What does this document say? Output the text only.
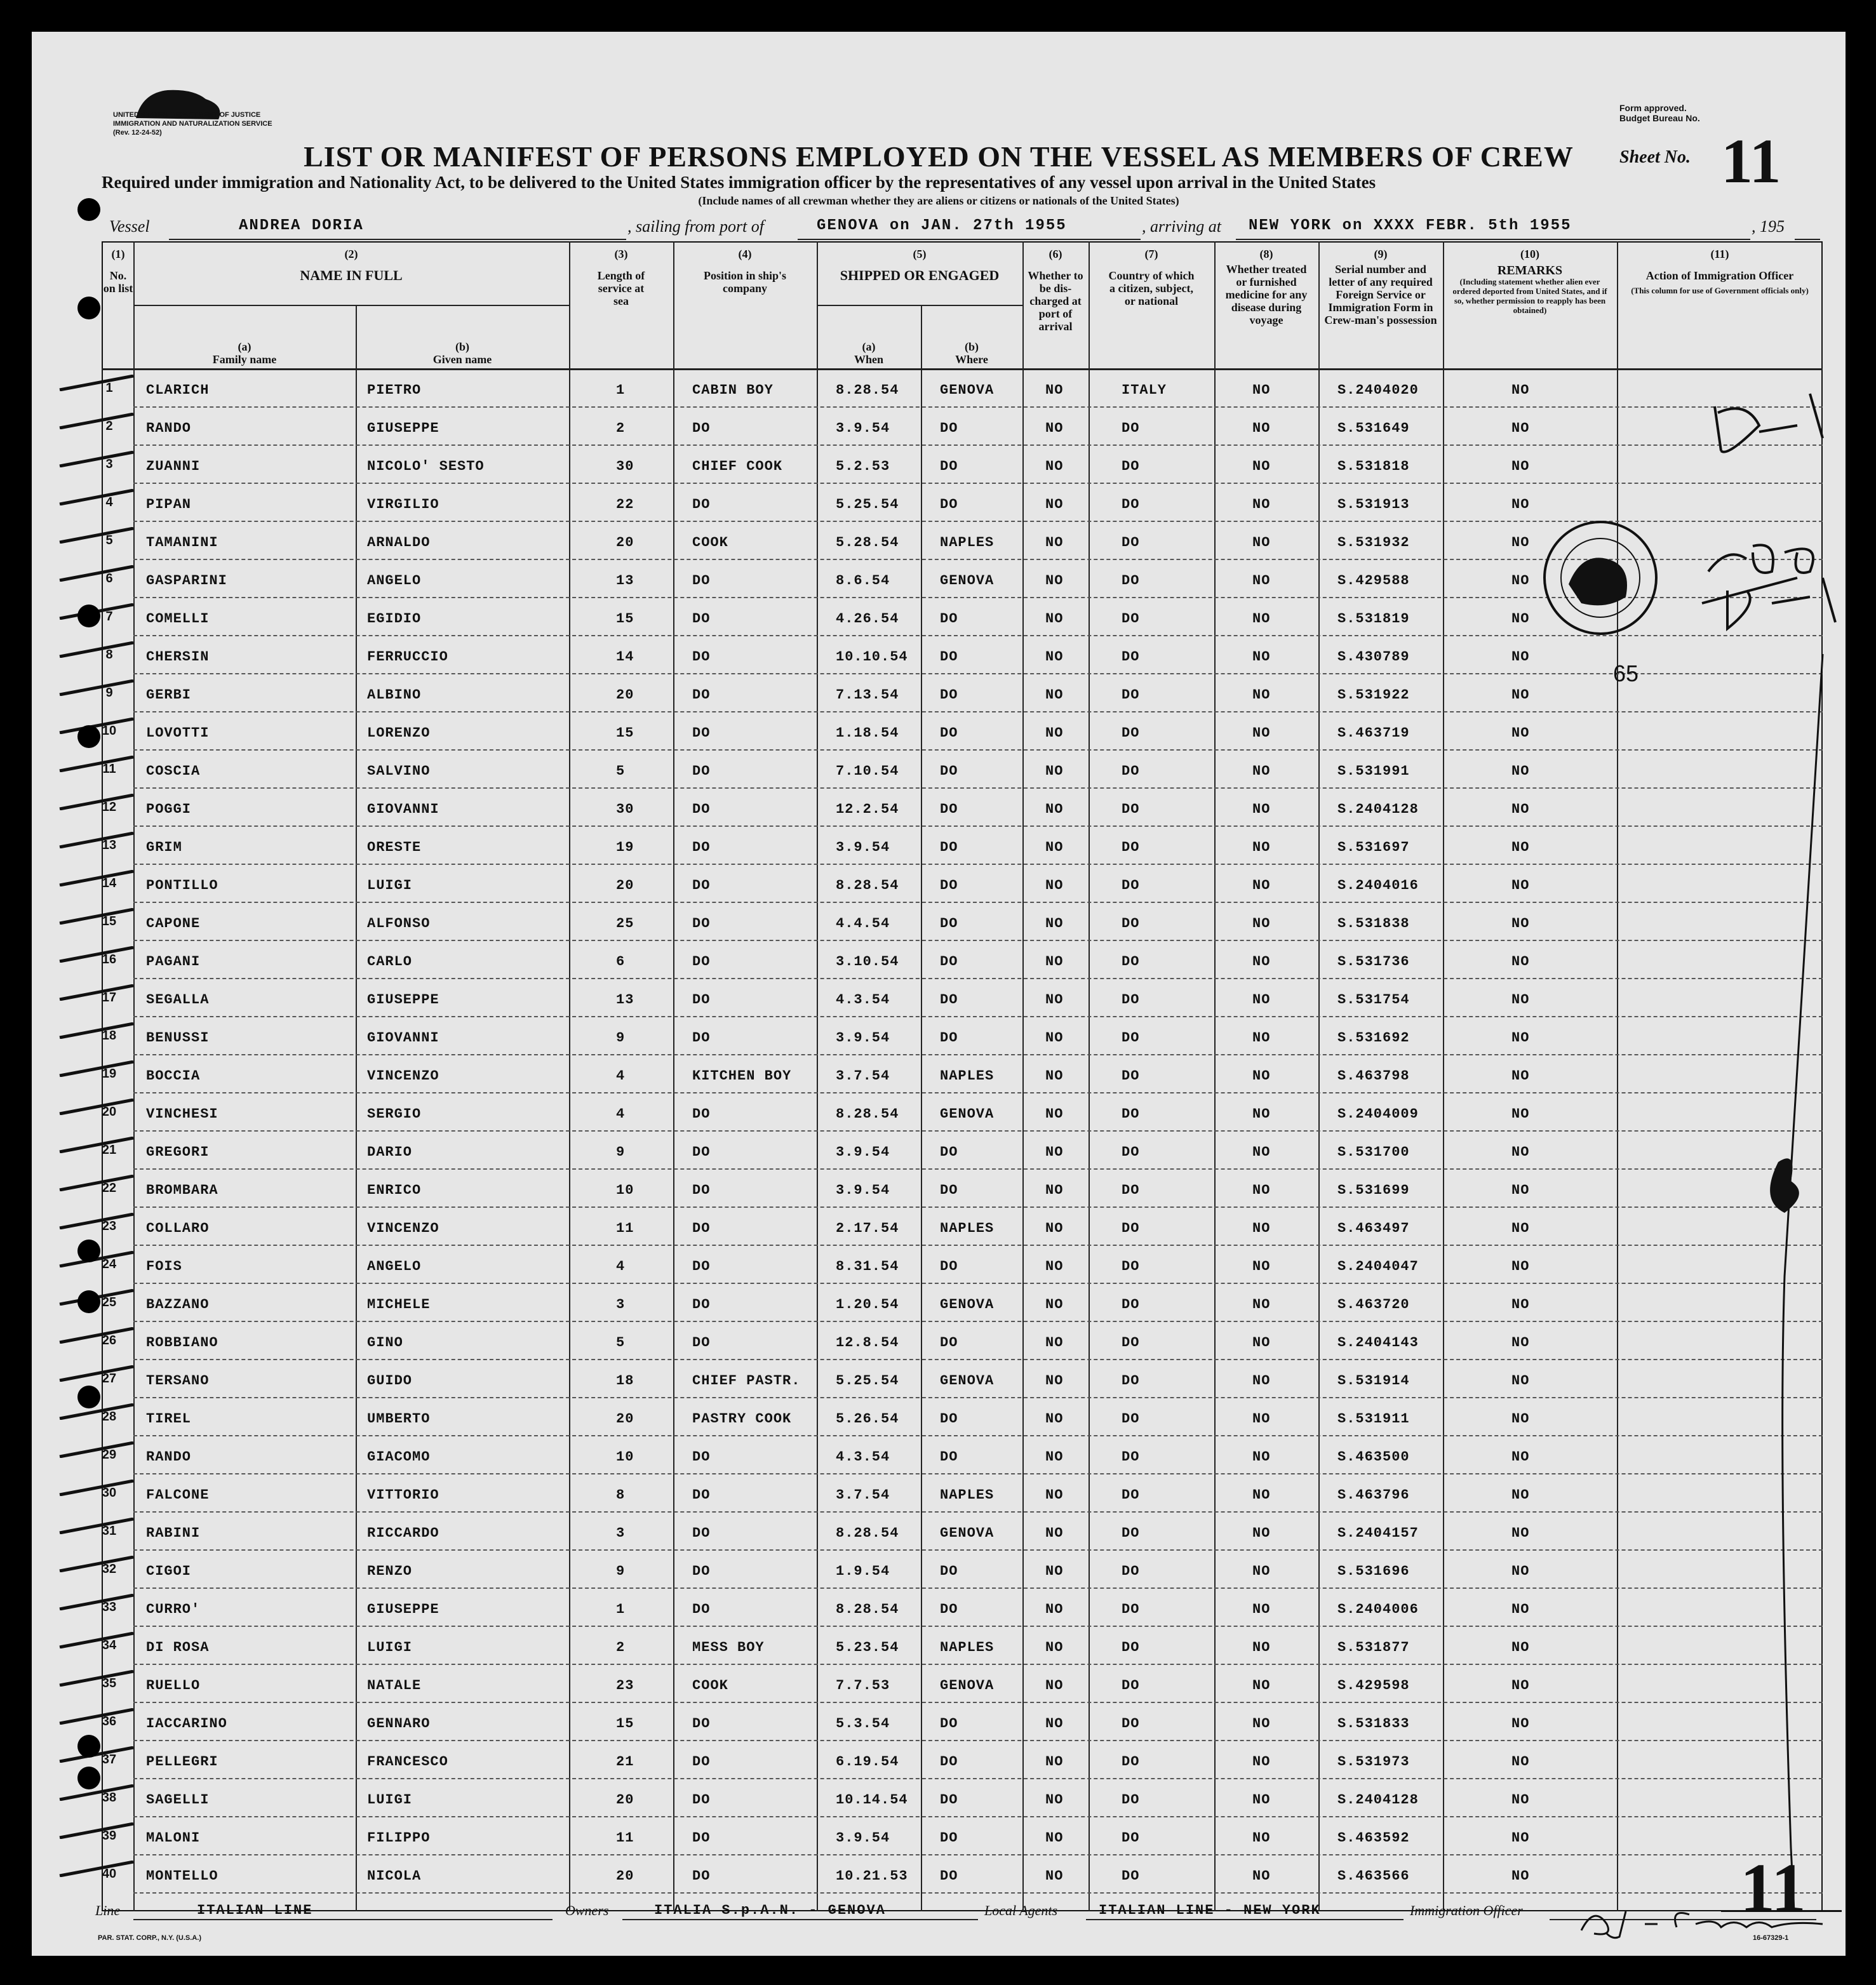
UNITED STATES DEPARTMENT OF JUSTICE
IMMIGRATION AND NATURALIZATION SERVICE
(Rev. 12-24-52)
Form approved.
Budget Bureau No.
Sheet No. 11
LIST OR MANIFEST OF PERSONS EMPLOYED ON THE VESSEL AS MEMBERS OF CREW
Required under immigration and Nationality Act, to be delivered to the United States immigration officer by the representatives of any vessel upon arrival in the United States
(Include names of all crewman whether they are aliens or citizens or nationals of the United States)
Vessel	ANDREA DORIA	, sailing from port of	GENOVA on JAN. 27th 1955	, arriving at NEW YORK on XXXX FEBR. 5th 1955	, 195
(1)
No. on list
(2)
NAME IN FULL
(a)
Family name
(b)
Given name
(3)
Length of service at sea
(4)
Position in ship's company
(5)
SHIPPED OR ENGAGED
(a)
When
(b)
Where
(6)
Whether to be dis-charged at port of arrival
(7)
Country of which a citizen, subject, or national
(8)
Whether treated or furnished medicine for any disease during voyage
(9)
Serial number and letter of any required Foreign Service or Immigration Form in Crew-man's possession
(10)
REMARKS
(Including statement whether alien ever ordered deported from United States, and if so, whether permission to reapply has been obtained)
(11)
Action of Immigration Officer
(This column for use of Government officials only)
1	CLARICH	PIETRO	1	CABIN BOY	8.28.54	GENOVA	NO	ITALY	NO	S.2404020	NO
2	RANDO	GIUSEPPE	2	DO	3.9.54	DO	NO	DO	NO	S.531649	NO
3	ZUANNI	NICOLO' SESTO	30	CHIEF COOK	5.2.53	DO	NO	DO	NO	S.531818	NO
4	PIPAN	VIRGILIO	22	DO	5.25.54	DO	NO	DO	NO	S.531913	NO
5	TAMANINI	ARNALDO	20	COOK	5.28.54	NAPLES	NO	DO	NO	S.531932	NO
6	GASPARINI	ANGELO	13	DO	8.6.54	GENOVA	NO	DO	NO	S.429588	NO
7	COMELLI	EGIDIO	15	DO	4.26.54	DO	NO	DO	NO	S.531819	NO
8	CHERSIN	FERRUCCIO	14	DO	10.10.54 DO	NO	DO	NO	S.430789	NO
9	GERBI	ALBINO	20	DO	7.13.54	DO	NO	DO	NO	S.531922	NO
10	LOVOTTI	LORENZO	15	DO	1.18.54	DO	NO	DO	NO	S.463719	NO
11	COSCIA	SALVINO	5	DO	7.10.54	DO	NO	DO	NO	S.531991	NO
12	POGGI	GIOVANNI	30	DO	12.2.54	DO	NO	DO	NO	S.2404128	NO
13	GRIM	ORESTE	19	DO	3.9.54	DO	NO	DO	NO	S.531697	NO
14	PONTILLO	LUIGI	20	DO	8.28.54	DO	NO	DO	NO	S.2404016	NO
15	CAPONE	ALFONSO	25	DO	4.4.54	DO	NO	DO	NO	S.531838	NO
16	PAGANI	CARLO	6	DO	3.10.54	DO	NO	DO	NO	S.531736	NO
17	SEGALLA	GIUSEPPE	13	DO	4.3.54	DO	NO	DO	NO	S.531754	NO
18	BENUSSI	GIOVANNI	9	DO	3.9.54	DO	NO	DO	NO	S.531692	NO
19	BOCCIA	VINCENZO	4	KITCHEN BOY	3.7.54	NAPLES	NO	DO	NO	S.463798	NO
20	VINCHESI	SERGIO	4	DO	8.28.54	GENOVA	NO	DO	NO	S.2404009	NO
21	GREGORI	DARIO	9	DO	3.9.54	DO	NO	DO	NO	S.531700	NO
22	BROMBARA	ENRICO	10	DO	3.9.54	DO	NO	DO	NO	S.531699	NO
23	COLLARO	VINCENZO	11	DO	2.17.54	NAPLES	NO	DO	NO	S.463497	NO
24	FOIS	ANGELO	4	DO	8.31.54	DO	NO	DO	NO	S.2404047	NO
25	BAZZANO	MICHELE	3	DO	1.20.54	GENOVA	NO	DO	NO	S.463720	NO
26	ROBBIANO	GINO	5	DO	12.8.54	DO	NO	DO	NO	S.2404143	NO
27	TERSANO	GUIDO	18	CHIEF PASTR.	5.25.54	GENOVA	NO	DO	NO	S.531914	NO
28	TIREL	UMBERTO	20	PASTRY COOK	5.26.54	DO	NO	DO	NO	S.531911	NO
29	RANDO	GIACOMO	10	DO	4.3.54	DO	NO	DO	NO	S.463500	NO
30	FALCONE	VITTORIO	8	DO	3.7.54	NAPLES	NO	DO	NO	S.463796	NO
31	RABINI	RICCARDO	3	DO	8.28.54	GENOVA	NO	DO	NO	S.2404157	NO
32	CIGOI	RENZO	9	DO	1.9.54	DO	NO	DO	NO	S.531696	NO
33	CURRO'	GIUSEPPE	1	DO	8.28.54	DO	NO	DO	NO	S.2404006	NO
34	DI ROSA	LUIGI	2	MESS BOY	5.23.54	NAPLES	NO	DO	NO	S.531877	NO
35	RUELLO	NATALE	23	COOK	7.7.53	GENOVA	NO	DO	NO	S.429598	NO
36	IACCARINO	GENNARO	15	DO	5.3.54	DO	NO	DO	NO	S.531833	NO
37	PELLEGRI	FRANCESCO	21	DO	6.19.54	DO	NO	DO	NO	S.531973	NO
38	SAGELLI	LUIGI	20	DO	10.14.54 DO	NO	DO	NO	S.2404128	NO
39	MALONI	FILIPPO	11	DO	3.9.54	DO	NO	DO	NO	S.463592	NO
40	MONTELLO	NICOLA	20	DO	10.21.53 DO	NO	DO	NO	S.463566	NO
65
11
Line	ITALIAN LINE	Owners	ITALIA S.p.A.N. - GENOVA	Local Agents	ITALIAN LINE - NEW YORK	Immigration Officer
PAR. STAT. CORP., N.Y. (U.S.A.)	16-67329-1
